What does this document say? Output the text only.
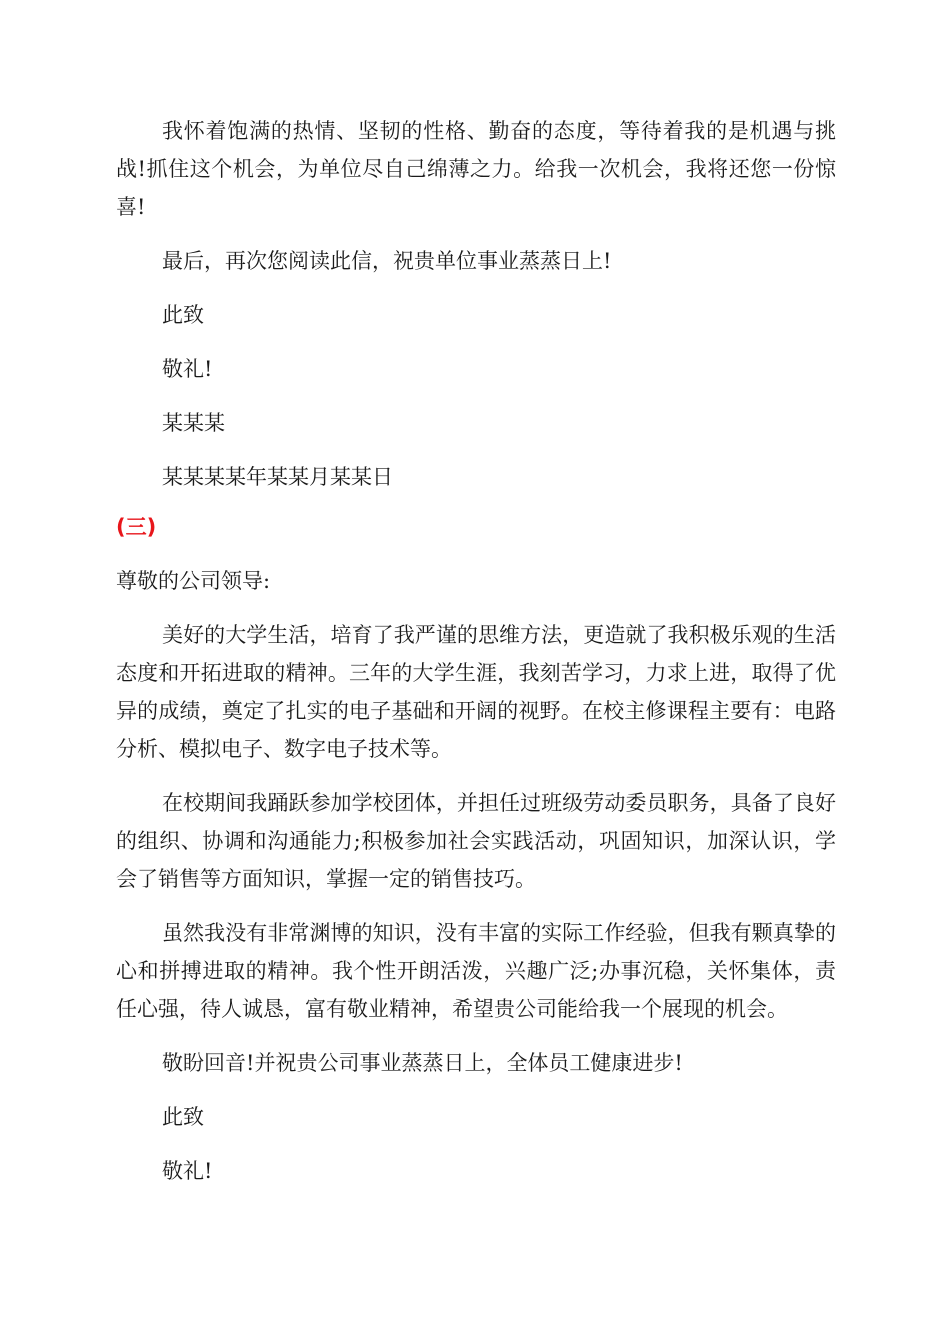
我怀着饱满的热情、坚韧的性格、勤奋的态度，等待着我的是机遇与挑战!抓住这个机会，为单位尽自己绵薄之力。给我一次机会，我将还您一份惊喜!

最后，再次您阅读此信，祝贵单位事业蒸蒸日上!

此致

敬礼!

某某某

某某某某年某某月某某日

(三)

尊敬的公司领导:

美好的大学生活，培育了我严谨的思维方法，更造就了我积极乐观的生活态度和开拓进取的精神。三年的大学生涯，我刻苦学习，力求上进，取得了优异的成绩，奠定了扎实的电子基础和开阔的视野。在校主修课程主要有：电路分析、模拟电子、数字电子技术等。

在校期间我踊跃参加学校团体，并担任过班级劳动委员职务，具备了良好的组织、协调和沟通能力;积极参加社会实践活动，巩固知识，加深认识，学会了销售等方面知识，掌握一定的销售技巧。

虽然我没有非常渊博的知识，没有丰富的实际工作经验，但我有颗真挚的心和拼搏进取的精神。我个性开朗活泼，兴趣广泛;办事沉稳，关怀集体，责任心强，待人诚恳，富有敬业精神，希望贵公司能给我一个展现的机会。

敬盼回音!并祝贵公司事业蒸蒸日上，全体员工健康进步!

此致

敬礼!
